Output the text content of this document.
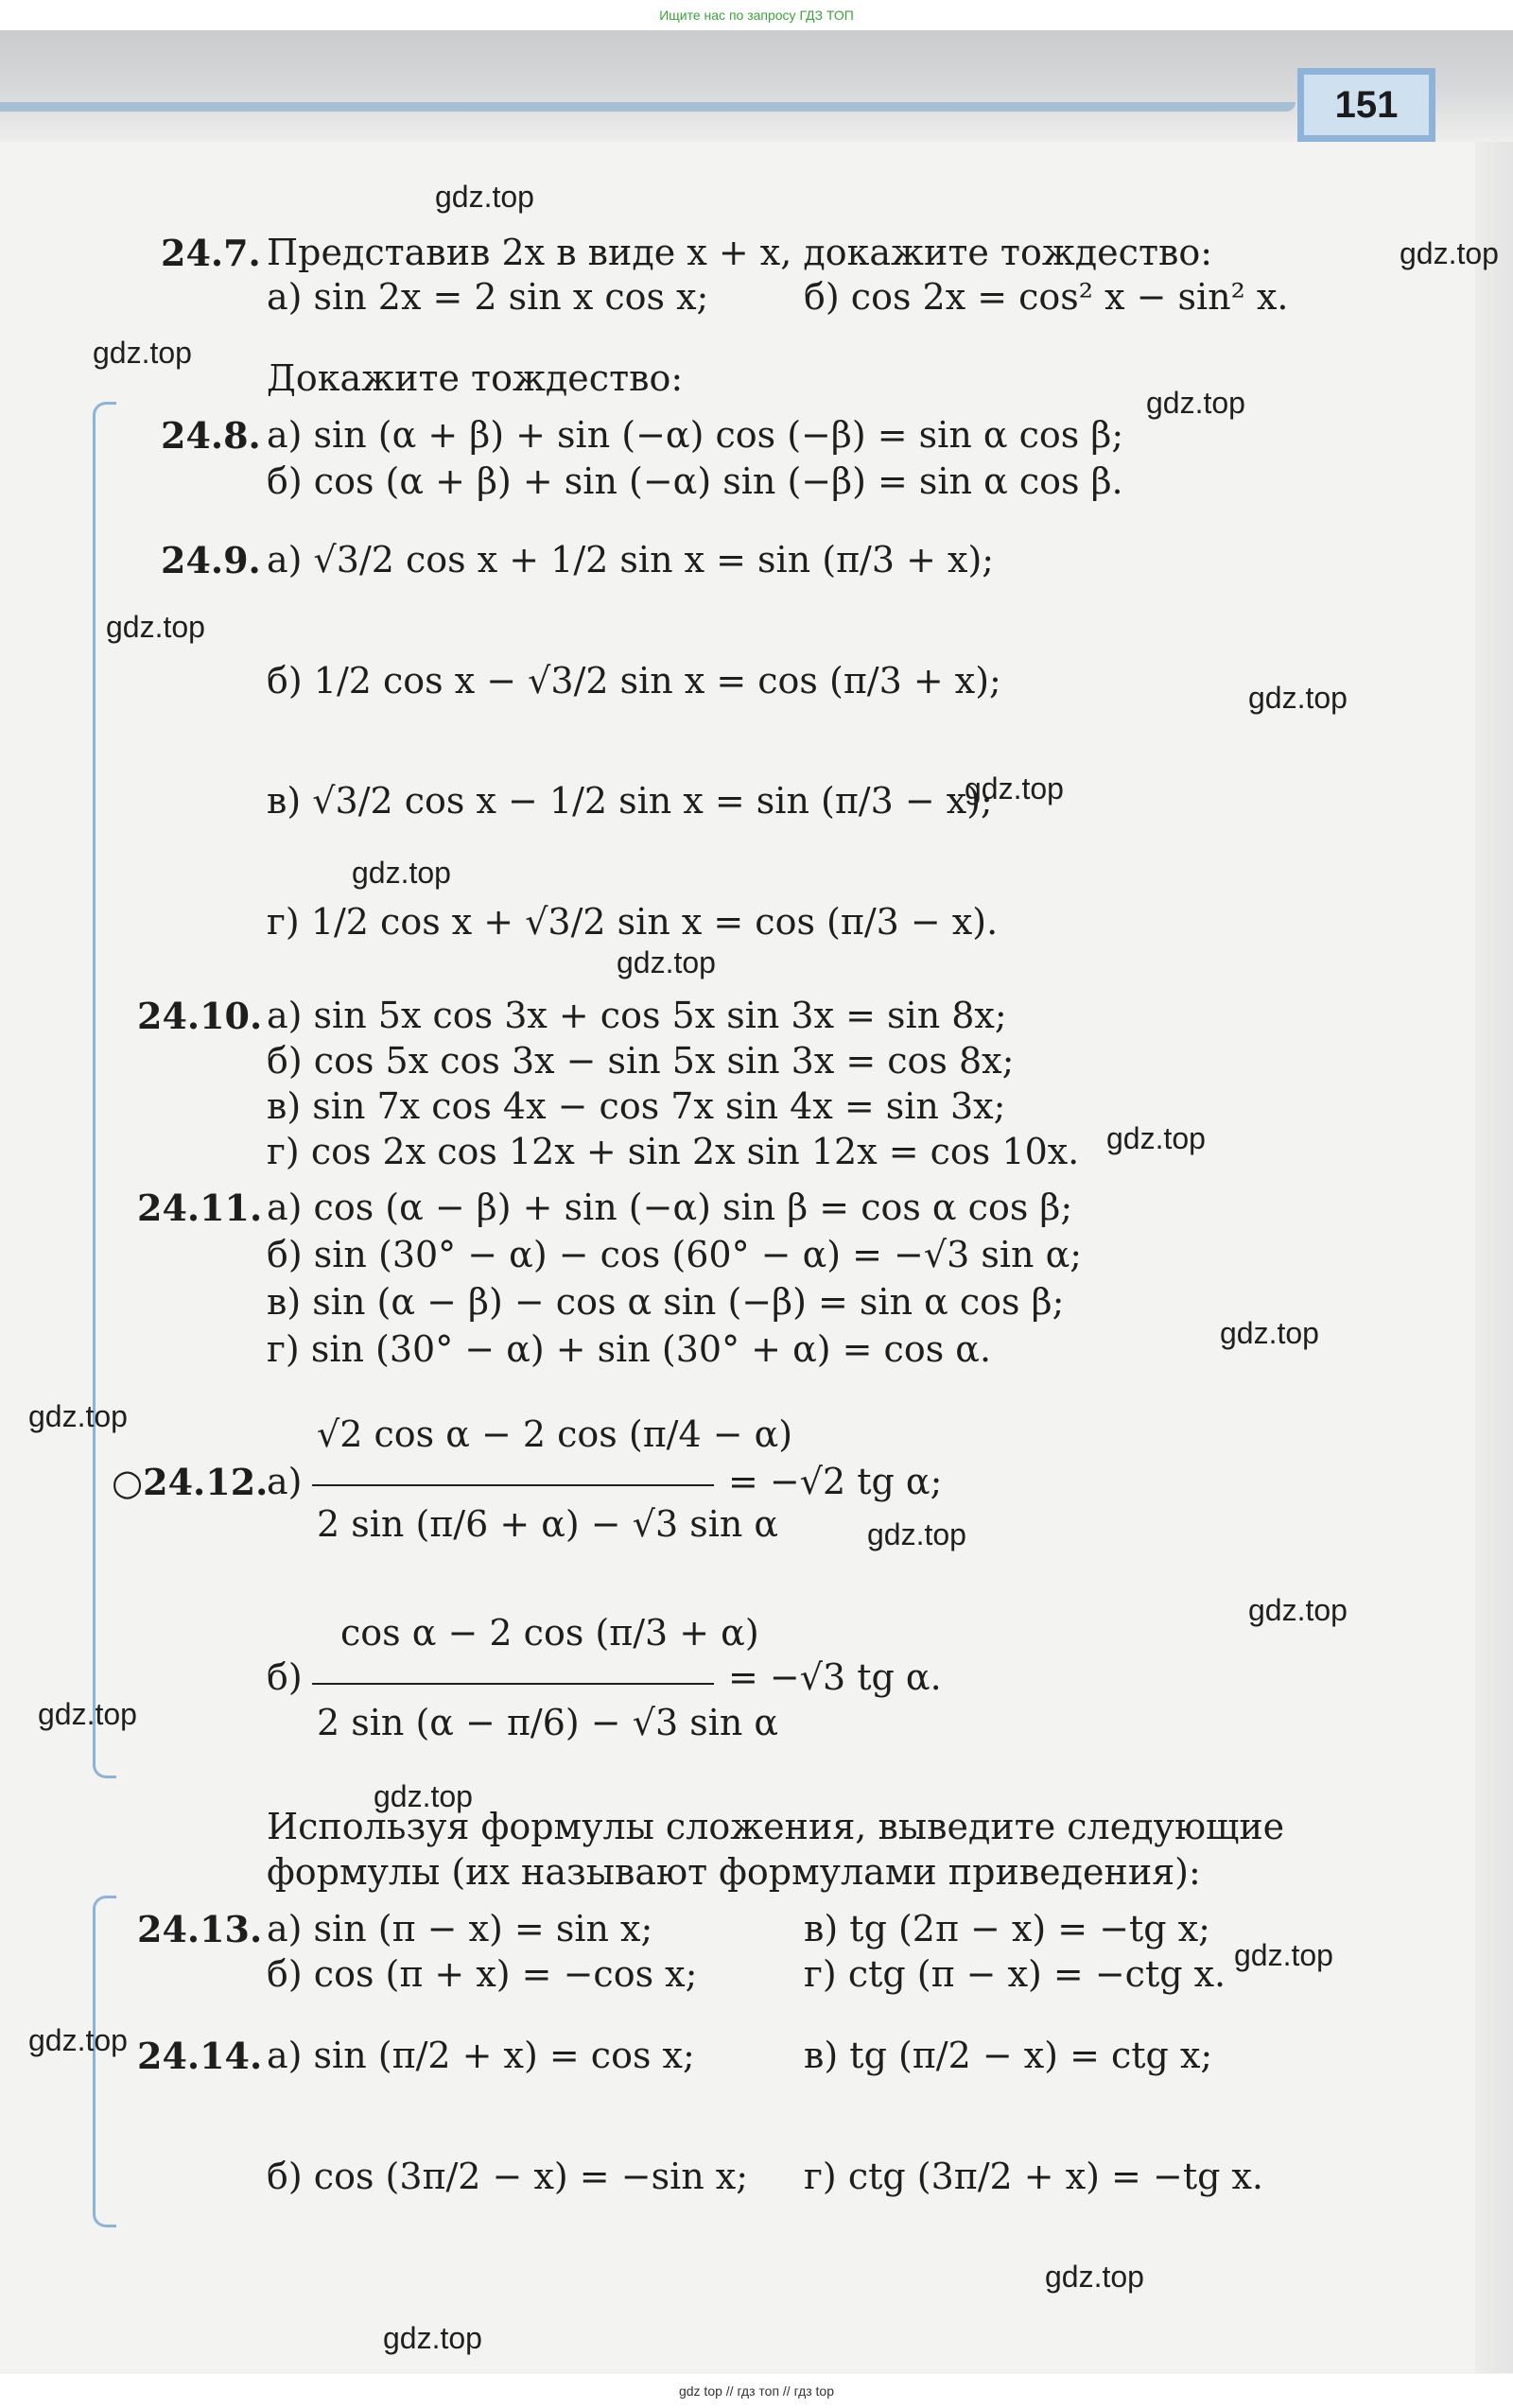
Ищите нас по запросу ГДЗ ТОП
151
24.7. Представив 2x в виде x + x, докажите тождество:
а) sin 2x = 2 sin x cos x;	б) cos 2x = cos² x − sin² x.
Докажите тождество:
24.8. а) sin (α + β) + sin (−α) cos (−β) = sin α cos β;
б) cos (α + β) + sin (−α) sin (−β) = sin α cos β.
24.9. а) √3/2 cos x + 1/2 sin x = sin (π/3 + x);
б) 1/2 cos x − √3/2 sin x = cos (π/3 + x);
в) √3/2 cos x − 1/2 sin x = sin (π/3 − x);
г) 1/2 cos x + √3/2 sin x = cos (π/3 − x).
24.10. а) sin 5x cos 3x + cos 5x sin 3x = sin 8x;
б) cos 5x cos 3x − sin 5x sin 3x = cos 8x;
в) sin 7x cos 4x − cos 7x sin 4x = sin 3x;
г) cos 2x cos 12x + sin 2x sin 12x = cos 10x.
24.11. а) cos (α − β) + sin (−α) sin β = cos α cos β;
б) sin (30° − α) − cos (60° − α) = −√3 sin α;
в) sin (α − β) − cos α sin (−β) = sin α cos β;
г) sin (30° − α) + sin (30° + α) = cos α.
○24.12.
а)
√2 cos α − 2 cos (π/4 − α)
2 sin (π/6 + α) − √3 sin α
= −√2 tg α;
б)
cos α − 2 cos (π/3 + α)
2 sin (α − π/6) − √3 sin α
= −√3 tg α.
Используя формулы сложения, выведите следующие
формулы (их называют формулами приведения):
24.13. а) sin (π − x) = sin x;
б) cos (π + x) = −cos x;
в) tg (2π − x) = −tg x;
г) ctg (π − x) = −ctg x.
24.14. а) sin (π/2 + x) = cos x;
б) cos (3π/2 − x) = −sin x;
в) tg (π/2 − x) = ctg x;
г) ctg (3π/2 + x) = −tg x.
gdz.top
gdz.top
gdz.top
gdz.top
gdz.top
gdz.top
gdz.top
gdz.top
gdz.top
gdz.top
gdz.top
gdz.top
gdz.top
gdz.top
gdz.top
gdz.top
gdz.top
gdz.top
gdz.top
gdz.top
gdz top // гдз топ // гдз top
